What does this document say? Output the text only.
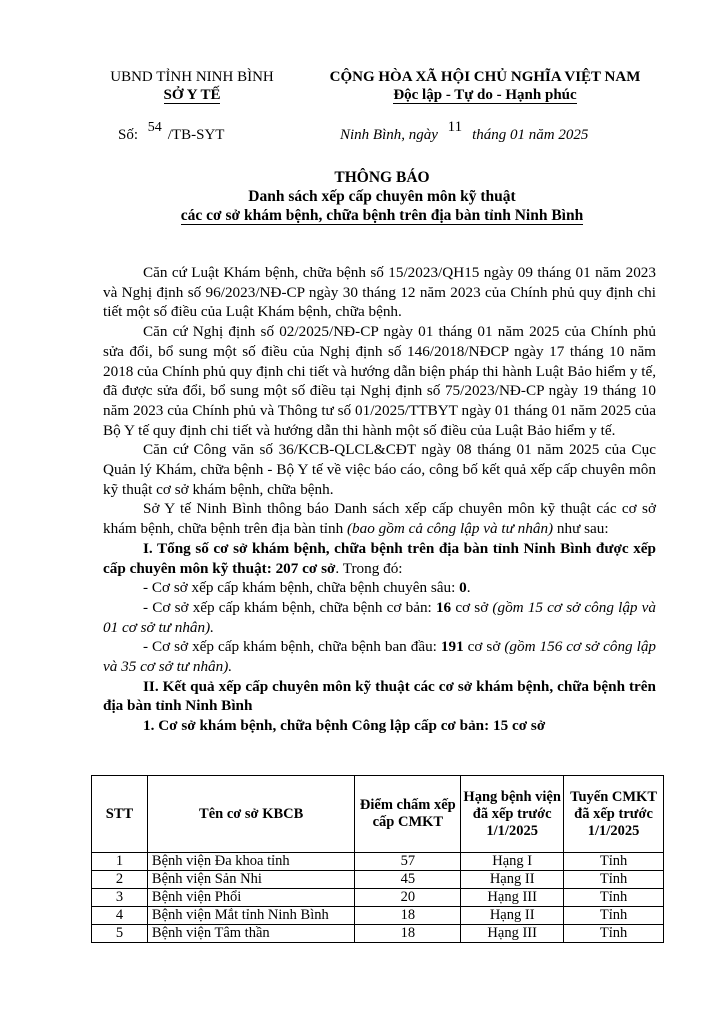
UBND TỈNH NINH BÌNH
SỞ Y TẾ
CỘNG HÒA XÃ HỘI CHỦ NGHĨA VIỆT NAM
Độc lập - Tự do - Hạnh phúc
Số: 54 /TB-SYT	Ninh Bình, ngày 11 tháng 01 năm 2025
THÔNG BÁO
Danh sách xếp cấp chuyên môn kỹ thuật
các cơ sở khám bệnh, chữa bệnh trên địa bàn tỉnh Ninh Bình

Căn cứ Luật Khám bệnh, chữa bệnh số 15/2023/QH15 ngày 09 tháng 01 năm 2023 và Nghị định số 96/2023/NĐ-CP ngày 30 tháng 12 năm 2023 của Chính phủ quy định chi tiết một số điều của Luật Khám bệnh, chữa bệnh.

Căn cứ Nghị định số 02/2025/NĐ-CP ngày 01 tháng 01 năm 2025 của Chính phủ sửa đổi, bổ sung một số điều của Nghị định số 146/2018/NĐCP ngày 17 tháng 10 năm 2018 của Chính phủ quy định chi tiết và hướng dẫn biện pháp thi hành Luật Bảo hiểm y tế, đã được sửa đổi, bổ sung một số điều tại Nghị định số 75/2023/NĐ-CP ngày 19 tháng 10 năm 2023 của Chính phủ và Thông tư số 01/2025/TTBYT ngày 01 tháng 01 năm 2025 của Bộ Y tế quy định chi tiết và hướng dẫn thi hành một số điều của Luật Bảo hiểm y tế.

Căn cứ Công văn số 36/KCB-QLCL&CĐT ngày 08 tháng 01 năm 2025 của Cục Quản lý Khám, chữa bệnh - Bộ Y tế về việc báo cáo, công bố kết quả xếp cấp chuyên môn kỹ thuật cơ sở khám bệnh, chữa bệnh.

Sở Y tế Ninh Bình thông báo Danh sách xếp cấp chuyên môn kỹ thuật các cơ sở khám bệnh, chữa bệnh trên địa bàn tỉnh (bao gồm cả công lập và tư nhân) như sau:

I. Tổng số cơ sở khám bệnh, chữa bệnh trên địa bàn tỉnh Ninh Bình được xếp cấp chuyên môn kỹ thuật: 207 cơ sở. Trong đó:

- Cơ sở xếp cấp khám bệnh, chữa bệnh chuyên sâu: 0.

- Cơ sở xếp cấp khám bệnh, chữa bệnh cơ bản: 16 cơ sở (gồm 15 cơ sở công lập và 01 cơ sở tư nhân).

- Cơ sở xếp cấp khám bệnh, chữa bệnh ban đầu: 191 cơ sở (gồm 156 cơ sở công lập và 35 cơ sở tư nhân).

II. Kết quả xếp cấp chuyên môn kỹ thuật các cơ sở khám bệnh, chữa bệnh trên địa bàn tỉnh Ninh Bình

1. Cơ sở khám bệnh, chữa bệnh Công lập cấp cơ bản: 15 cơ sở

STT	Tên cơ sở KBCB	Điểm chấm xếp cấp CMKT	Hạng bệnh viện đã xếp trước 1/1/2025	Tuyến CMKT đã xếp trước 1/1/2025
1	Bệnh viện Đa khoa tỉnh	57	Hạng I	Tỉnh
2	Bệnh viện Sản Nhi	45	Hạng II	Tỉnh
3	Bệnh viện Phổi	20	Hạng III	Tỉnh
4	Bệnh viện Mắt tỉnh Ninh Bình	18	Hạng II	Tỉnh
5	Bệnh viện Tâm thần	18	Hạng III	Tỉnh
